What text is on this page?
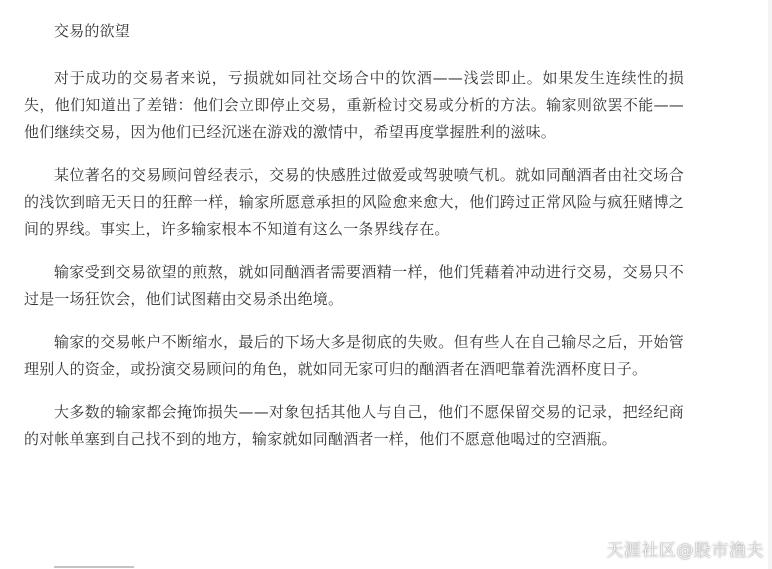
交易的欲望

对于成功的交易者来说，亏损就如同社交场合中的饮酒——浅尝即止。如果发生连续性的损失，他们知道出了差错：他们会立即停止交易，重新检讨交易或分析的方法。输家则欲罢不能——他们继续交易，因为他们已经沉迷在游戏的激情中，希望再度掌握胜利的滋味。

某位著名的交易顾问曾经表示，交易的快感胜过做爱或驾驶喷气机。就如同酗酒者由社交场合的浅饮到暗无天日的狂醉一样，输家所愿意承担的风险愈来愈大，他们跨过正常风险与疯狂赌博之间的界线。事实上，许多输家根本不知道有这么一条界线存在。

输家受到交易欲望的煎熬，就如同酗酒者需要酒精一样，他们凭藉着冲动进行交易，交易只不过是一场狂饮会，他们试图藉由交易杀出绝境。

输家的交易帐户不断缩水，最后的下场大多是彻底的失败。但有些人在自己输尽之后，开始管理别人的资金，或扮演交易顾问的角色，就如同无家可归的酗酒者在酒吧靠着洗酒杯度日子。

大多数的输家都会掩饰损失——对象包括其他人与自己，他们不愿保留交易的记录，把经纪商的对帐单塞到自己找不到的地方，输家就如同酗酒者一样，他们不愿意他喝过的空酒瓶。

天涯社区@股市渔夫
